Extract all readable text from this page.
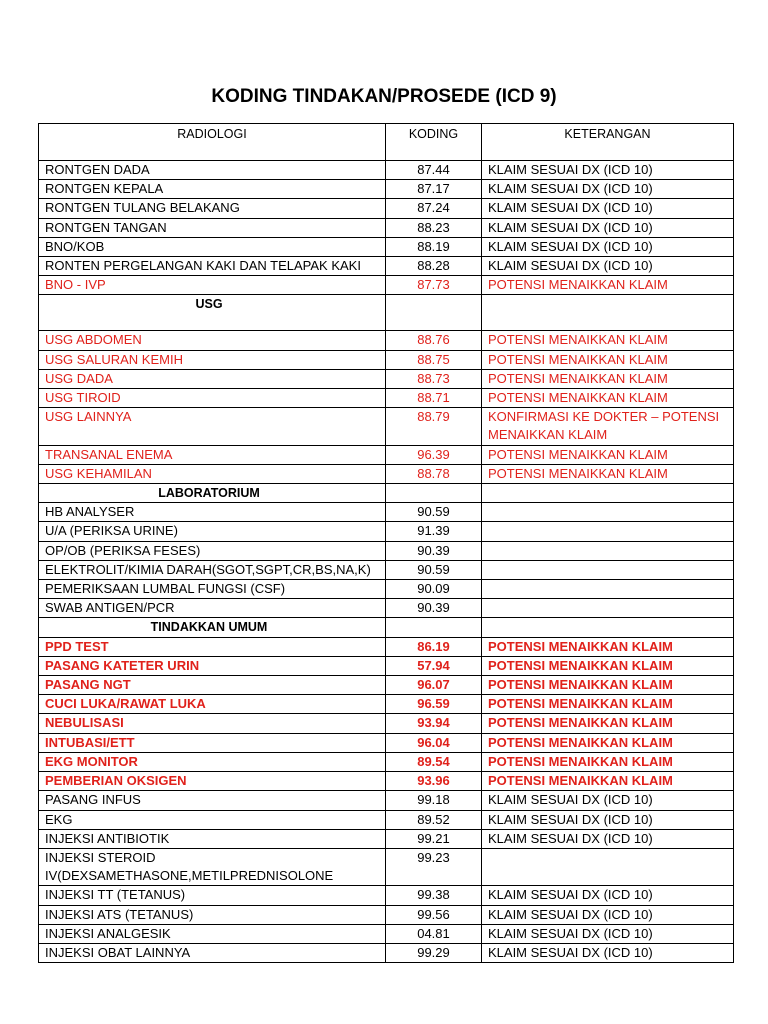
KODING TINDAKAN/PROSEDE (ICD 9)
RADIOLOGI	KODING	KETERANGAN
RONTGEN DADA	87.44	KLAIM SESUAI DX (ICD 10)
RONTGEN KEPALA	87.17	KLAIM SESUAI DX (ICD 10)
RONTGEN TULANG BELAKANG	87.24	KLAIM SESUAI DX (ICD 10)
RONTGEN TANGAN	88.23	KLAIM SESUAI DX (ICD 10)
BNO/KOB	88.19	KLAIM SESUAI DX (ICD 10)
RONTEN PERGELANGAN KAKI DAN TELAPAK KAKI	88.28	KLAIM SESUAI DX (ICD 10)
BNO - IVP	87.73	POTENSI MENAIKKAN KLAIM
USG		
USG ABDOMEN	88.76	POTENSI MENAIKKAN KLAIM
USG SALURAN KEMIH	88.75	POTENSI MENAIKKAN KLAIM
USG DADA	88.73	POTENSI MENAIKKAN KLAIM
USG TIROID	88.71	POTENSI MENAIKKAN KLAIM
USG LAINNYA	88.79	KONFIRMASI KE DOKTER – POTENSI MENAIKKAN KLAIM
TRANSANAL ENEMA	96.39	POTENSI MENAIKKAN KLAIM
USG KEHAMILAN	88.78	POTENSI MENAIKKAN KLAIM
LABORATORIUM		
HB ANALYSER	90.59	
U/A (PERIKSA URINE)	91.39	
OP/OB (PERIKSA FESES)	90.39	
ELEKTROLIT/KIMIA DARAH(SGOT,SGPT,CR,BS,NA,K)	90.59	
PEMERIKSAAN LUMBAL FUNGSI (CSF)	90.09	
SWAB ANTIGEN/PCR	90.39	
TINDAKKAN UMUM		
PPD TEST	86.19	POTENSI MENAIKKAN KLAIM
PASANG KATETER URIN	57.94	POTENSI MENAIKKAN KLAIM
PASANG NGT	96.07	POTENSI MENAIKKAN KLAIM
CUCI LUKA/RAWAT LUKA	96.59	POTENSI MENAIKKAN KLAIM
NEBULISASI	93.94	POTENSI MENAIKKAN KLAIM
INTUBASI/ETT	96.04	POTENSI MENAIKKAN KLAIM
EKG MONITOR	89.54	POTENSI MENAIKKAN KLAIM
PEMBERIAN OKSIGEN	93.96	POTENSI MENAIKKAN KLAIM
PASANG INFUS	99.18	KLAIM SESUAI DX (ICD 10)
EKG	89.52	KLAIM SESUAI DX (ICD 10)
INJEKSI ANTIBIOTIK	99.21	KLAIM SESUAI DX (ICD 10)
INJEKSI STEROID IV(DEXSAMETHASONE,METILPREDNISOLONE	99.23	
INJEKSI TT (TETANUS)	99.38	KLAIM SESUAI DX (ICD 10)
INJEKSI ATS (TETANUS)	99.56	KLAIM SESUAI DX (ICD 10)
INJEKSI ANALGESIK	04.81	KLAIM SESUAI DX (ICD 10)
INJEKSI OBAT LAINNYA	99.29	KLAIM SESUAI DX (ICD 10)
